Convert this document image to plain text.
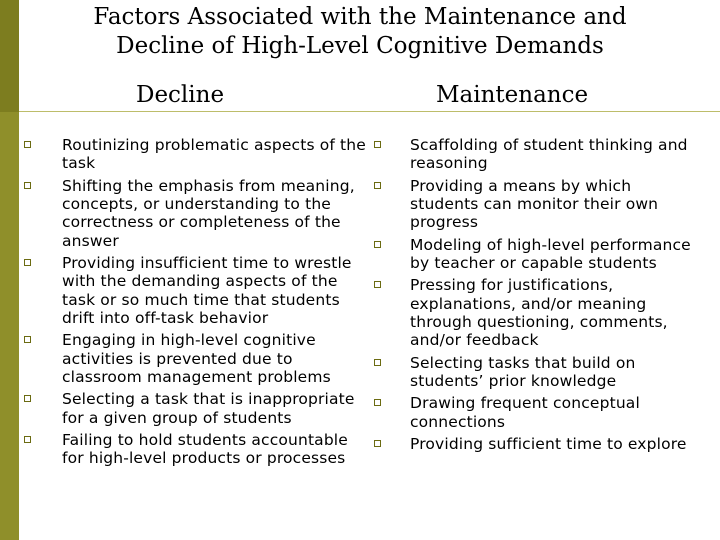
Factors Associated with the Maintenance and
Decline of High-Level Cognitive Demands
Decline	Maintenance
Routinizing problematic aspects of the task
Shifting the emphasis from meaning, concepts, or understanding to the correctness or completeness of the answer
Providing insufficient time to wrestle with the demanding aspects of the task or so much time that students drift into off-task behavior
Engaging in high-level cognitive activities is prevented due to classroom management problems
Selecting a task that is inappropriate for a given group of students
Failing to hold students accountable for high-level products or processes
Scaffolding of student thinking and reasoning
Providing a means by which students can monitor their own progress
Modeling of high-level performance by teacher or capable students
Pressing for justifications, explanations, and/or meaning through questioning, comments, and/or feedback
Selecting tasks that build on students’ prior knowledge
Drawing frequent conceptual connections
Providing sufficient time to explore
